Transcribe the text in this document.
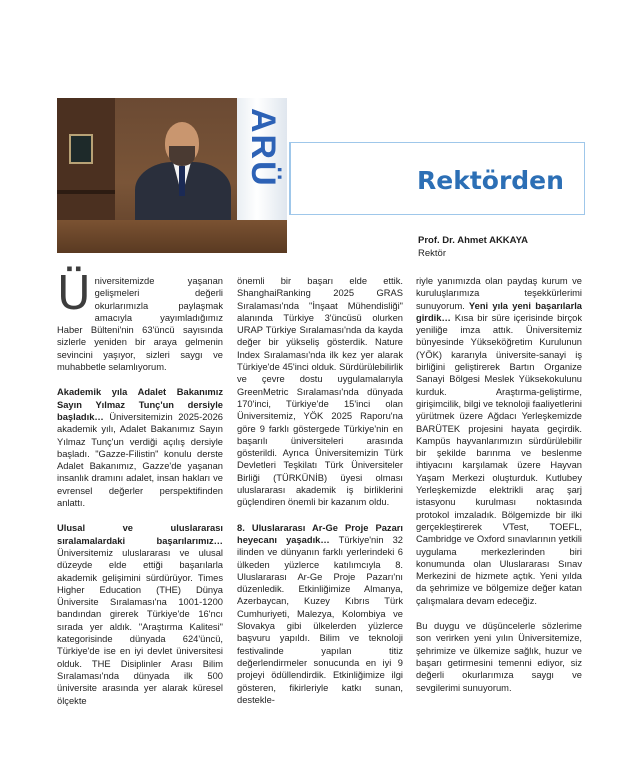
ARÜ	Rektörden
Prof. Dr. Ahmet AKKAYA
Rektör

Üniversitemizde yaşanan gelişmeleri değerli okurlarımızla paylaşmak amacıyla yayımladığımız Haber Bülteni'nin 63'üncü sayısında sizlerle yeniden bir araya gelmenin sevincini yaşıyor, sizleri saygı ve muhabbetle selamlıyorum.

Akademik yıla Adalet Bakanımız Sayın Yılmaz Tunç'un dersiyle başladık… Üniversitemizin 2025-2026 akademik yılı, Adalet Bakanımız Sayın Yılmaz Tunç'un verdiği açılış dersiyle başladı. "Gazze-Filistin" konulu derste Adalet Bakanımız, Gazze'de yaşanan insanlık dramını adalet, insan hakları ve evrensel değerler perspektifinden anlattı.

Ulusal ve uluslararası sıralamalardaki başarılarımız… Üniversitemiz uluslararası ve ulusal düzeyde elde ettiği başarılarla akademik gelişimini sürdürüyor. Times Higher Education (THE) Dünya Üniversite Sıralaması'na 1001-1200 bandından girerek Türkiye'de 16'ncı sırada yer aldık. "Araştırma Kalitesi" kategorisinde dünyada 624'üncü, Türkiye'de ise en iyi devlet üniversitesi olduk. THE Disiplinler Arası Bilim Sıralaması'nda dünyada ilk 500 üniversite arasında yer alarak küresel ölçekte

önemli bir başarı elde ettik. ShanghaiRanking 2025 GRAS Sıralaması'nda "İnşaat Mühendisliği" alanında Türkiye 3'üncüsü olurken URAP Türkiye Sıralaması'nda da kayda değer bir yükseliş gösterdik. Nature Index Sıralaması'nda ilk kez yer alarak Türkiye'de 45'inci olduk. Sürdürülebilirlik ve çevre dostu uygulamalarıyla GreenMetric Sıralaması'nda dünyada 170'inci, Türkiye'de 15'inci olan Üniversitemiz, YÖK 2025 Raporu'na göre 9 farklı göstergede Türkiye'nin en başarılı üniversiteleri arasında gösterildi. Ayrıca Üniversitemizin Türk Devletleri Teşkilatı Türk Üniversiteler Birliği (TÜRKÜNİB) üyesi olması uluslararası akademik iş birliklerini güçlendiren önemli bir kazanım oldu.

8. Uluslararası Ar-Ge Proje Pazarı heyecanı yaşadık… Türkiye'nin 32 ilinden ve dünyanın farklı yerlerindeki 6 ülkeden yüzlerce katılımcıyla 8. Uluslararası Ar-Ge Proje Pazarı'nı düzenledik. Etkinliğimize Almanya, Azerbaycan, Kuzey Kıbrıs Türk Cumhuriyeti, Malezya, Kolombiya ve Slovakya gibi ülkelerden yüzlerce başvuru yapıldı. Bilim ve teknoloji festivalinde yapılan titiz değerlendirmeler sonucunda en iyi 9 projeyi ödüllendirdik. Etkinliğimize ilgi gösteren, fikirleriyle katkı sunan, destekle-

riyle yanımızda olan paydaş kurum ve kuruluşlarımıza teşekkürlerimi sunuyorum. Yeni yıla yeni başarılarla girdik… Kısa bir süre içerisinde birçok yeniliğe imza attık. Üniversitemiz bünyesinde Yükseköğretim Kurulunun (YÖK) kararıyla üniversite-sanayi iş birliğini geliştirerek Bartın Organize Sanayi Bölgesi Meslek Yüksekokulunu kurduk. Araştırma-geliştirme, girişimcilik, bilgi ve teknoloji faaliyetlerini yürütmek üzere Ağdacı Yerleşkemizde BARÜTEK projesini hayata geçirdik. Kampüs hayvanlarımızın sürdürülebilir bir şekilde barınma ve beslenme ihtiyacını karşılamak üzere Hayvan Yaşam Merkezi oluşturduk. Kutlubey Yerleşkemizde elektrikli araç şarj istasyonu kurulması noktasında protokol imzaladık. Bölgemizde bir ilki gerçekleştirerek VTest, TOEFL, Cambridge ve Oxford sınavlarının yetkili uygulama merkezlerinden biri konumunda olan Uluslararası Sınav Merkezini de hizmete açtık. Yeni yılda da şehrimize ve bölgemize değer katan çalışmalara devam edeceğiz.

Bu duygu ve düşüncelerle sözlerime son verirken yeni yılın Üniversitemize, şehrimize ve ülkemize sağlık, huzur ve başarı getirmesini temenni ediyor, siz değerli okurlarımıza saygı ve sevgilerimi sunuyorum.
